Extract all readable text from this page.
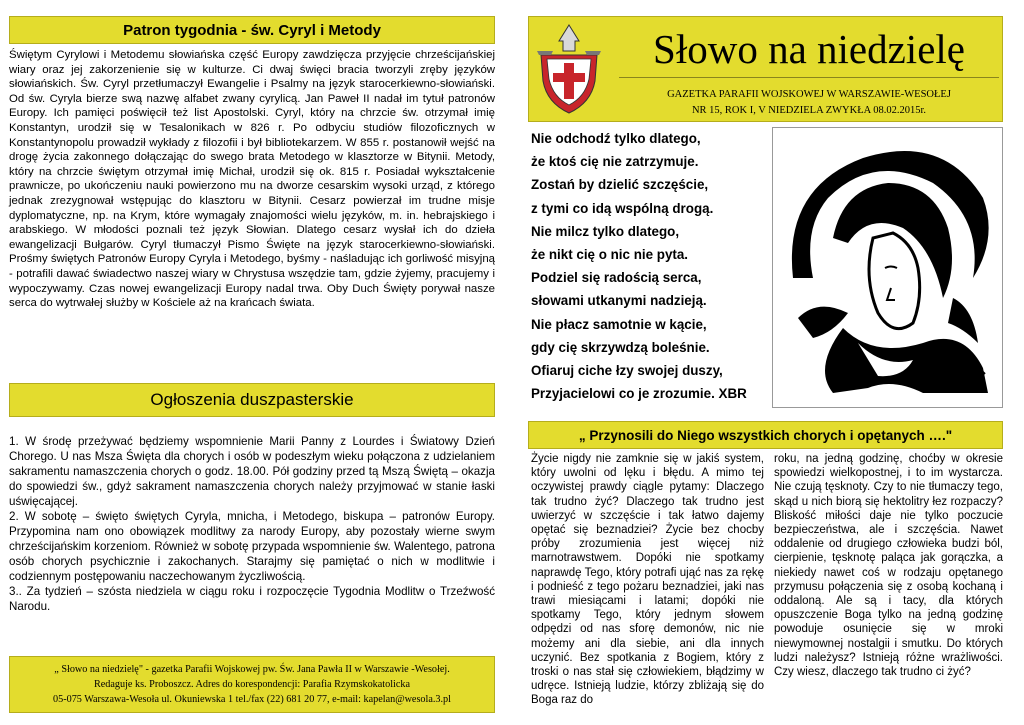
Patron tygodnia - św. Cyryl i Metody

Świętym Cyrylowi i Metodemu słowiańska część Europy zawdzięcza przyjęcie chrześcijańskiej wiary oraz jej zakorzenienie się w kulturze. Ci dwaj święci bracia tworzyli zręby języków słowiańskich. Św. Cyryl przetłumaczył Ewangelie i Psalmy na język starocerkiewno-słowiański. Od św. Cyryla bierze swą nazwę alfabet zwany cyrylicą. Jan Paweł II nadał im tytuł patronów Europy. Ich pamięci poświęcił też list Apostolski. Cyryl, który na chrzcie św. otrzymał imię Konstantyn, urodził się w Tesalonikach w 826 r. Po odbyciu studiów filozoficznych w Konstantynopolu prowadził wykłady z filozofii i był bibliotekarzem. W 855 r. postanowił wejść na drogę życia zakonnego dołączając do swego brata Metodego w klasztorze w Bitynii. Metody, który na chrzcie świętym otrzymał imię Michał, urodził się ok. 815 r. Posiadał wykształcenie prawnicze, po ukończeniu nauki powierzono mu na dworze cesarskim wysoki urząd, z którego jednak zrezygnował wstępując do klasztoru w Bitynii. Cesarz powierzał im trudne misje dyplomatyczne, np. na Krym, które wymagały znajomości wielu języków, m. in. hebrajskiego i arabskiego. W młodości poznali też język Słowian. Dlatego cesarz wysłał ich do dzieła ewangelizacji Bułgarów. Cyryl tłumaczył Pismo Święte na język starocerkiewno-słowiański. Prośmy świętych Patronów Europy Cyryla i Metodego, byśmy - naśladując ich gorliwość misyjną - potrafili dawać świadectwo naszej wiary w Chrystusa wszędzie tam, gdzie żyjemy, pracujemy i wypoczywamy. Czas nowej ewangelizacji Europy nadal trwa. Oby Duch Święty porywał nasze serca do wytrwałej służby w Kościele aż na krańcach świata.

Ogłoszenia duszpasterskie

1. W środę przeżywać będziemy wspomnienie Marii Panny z Lourdes i Światowy Dzień Chorego. U nas Msza Święta dla chorych i osób w podeszłym wieku połączona z udzielaniem sakramentu namaszczenia chorych o godz. 18.00. Pół godziny przed tą Mszą Świętą – okazja do spowiedzi św., gdyż sakrament namaszczenia chorych należy przyjmować w stanie łaski uświęcającej.

2. W sobotę – święto świętych Cyryla, mnicha, i Metodego, biskupa – patronów Europy. Przypomina nam ono obowiązek modlitwy za narody Europy, aby pozostały wierne swym chrześcijańskim korzeniom. Również w sobotę przypada wspomnienie św. Walentego, patrona osób chorych psychicznie i zakochanych. Starajmy się pamiętać o nich w modlitwie i codziennym postępowaniu naczechowanym życzliwością.

3.. Za tydzień – szósta niedziela w ciągu roku i rozpoczęcie Tygodnia Modlitw o Trzeźwość Narodu.

„ Słowo na niedzielę" - gazetka Parafii Wojskowej pw. Św. Jana Pawła II w Warszawie -Wesołej.
Redaguje ks. Proboszcz. Adres do korespondencji: Parafia Rzymskokatolicka
05-075 Warszawa-Wesoła ul. Okuniewska 1 tel./fax (22) 681 20 77, e-mail: kapelan@wesola.3.pl
Słowo na niedzielę
GAZETKA PARAFII WOJSKOWEJ W WARSZAWIE-WESOŁEJ
NR 15, ROK I, V NIEDZIELA ZWYKŁA 08.02.2015r.
Nie odchodź tylko dlatego,
że ktoś cię nie zatrzymuje.
Zostań by dzielić szczęście,
z tymi co idą wspólną drogą.
Nie milcz tylko dlatego,
że nikt cię o nic nie pyta.
Podziel się radością serca,
słowami utkanymi nadzieją.
Nie płacz samotnie w kącie,
gdy cię skrzywdzą boleśnie.
Ofiaruj ciche łzy swojej duszy,
Przyjacielowi co je zrozumie. XBR
„ Przynosili do Niego wszystkich chorych i opętanych …."

Życie nigdy nie zamknie się w jakiś system, który uwolni od lęku i błędu. A mimo tej oczywistej prawdy ciągle pytamy: Dlaczego tak trudno żyć? Dlaczego tak trudno jest uwierzyć w szczęście i tak łatwo dajemy opętać się beznadziei? Życie bez chocby próby zrozumienia jest więcej niż marnotrawstwem. Dopóki nie spotkamy naprawdę Tego, który potrafi ująć nas za rękę i podnieść z tego pożaru beznadziei, jaki nas trawi miesiącami i latami; dopóki nie spotkamy Tego, który jednym słowem odpędzi od nas sforę demonów, nic nie możemy ani dla siebie, ani dla innych uczynić. Bez spotkania z Bogiem, który z troski o nas stał się człowiekiem, błądzimy w udręce. Istnieją ludzie, którzy zbliżają się do Boga raz do

roku, na jedną godzinę, choćby w okresie spowiedzi wielkopostnej, i to im wystarcza. Nie czują tęsknoty. Czy to nie tłumaczy tego, skąd u nich biorą się hektolitry łez rozpaczy? Bliskość miłości daje nie tylko poczucie bezpieczeństwa, ale i szczęścia. Nawet oddalenie od drugiego człowieka budzi ból, cierpienie, tęsknotę paląca jak gorączka, a niekiedy nawet coś w rodzaju opętanego przymusu połączenia się z osobą kochaną i oddaloną. Ale są i tacy, dla których opuszczenie Boga tylko na jedną godzinę powoduje osunięcie się w mroki niewymownej nostalgii i smutku. Do których ludzi należysz? Istnieją różne wrażliwości. Czy wiesz, dlaczego tak trudno ci żyć?
